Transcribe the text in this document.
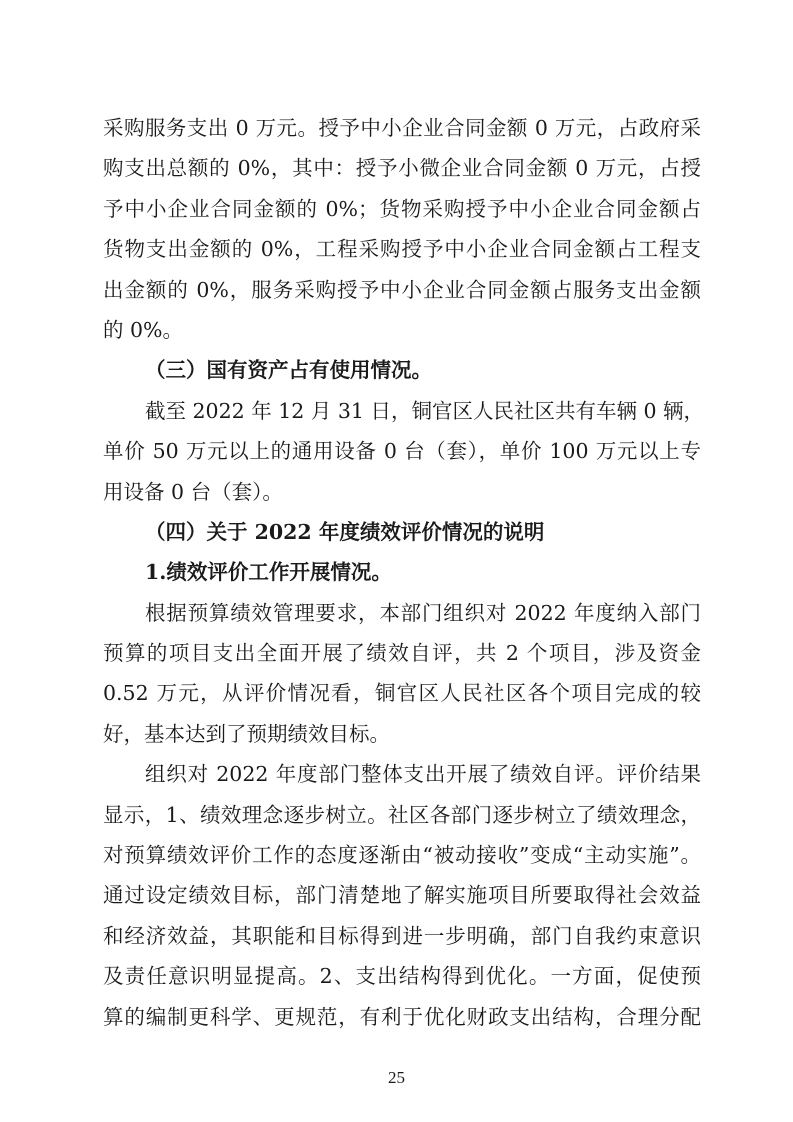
采购服务支出 0 万元。授予中小企业合同金额 0 万元，占政府采
购支出总额的 0%，其中：授予小微企业合同金额 0 万元，占授
予中小企业合同金额的 0%；货物采购授予中小企业合同金额占
货物支出金额的 0%，工程采购授予中小企业合同金额占工程支
出金额的 0%，服务采购授予中小企业合同金额占服务支出金额
的 0%。
（三）国有资产占有使用情况。
截至 2022 年 12 月 31 日，铜官区人民社区共有车辆 0 辆，
单价 50 万元以上的通用设备 0 台（套），单价 100 万元以上专
用设备 0 台（套）。
（四）关于 2022 年度绩效评价情况的说明
1.绩效评价工作开展情况。
根据预算绩效管理要求，本部门组织对 2022 年度纳入部门
预算的项目支出全面开展了绩效自评，共 2 个项目，涉及资金
0.52 万元，从评价情况看，铜官区人民社区各个项目完成的较
好，基本达到了预期绩效目标。
组织对 2022 年度部门整体支出开展了绩效自评。评价结果
显示，1、绩效理念逐步树立。社区各部门逐步树立了绩效理念，
对预算绩效评价工作的态度逐渐由“被动接收”变成“主动实施”。
通过设定绩效目标，部门清楚地了解实施项目所要取得社会效益
和经济效益，其职能和目标得到进一步明确，部门自我约束意识
及责任意识明显提高。2、支出结构得到优化。一方面，促使预
算的编制更科学、更规范，有利于优化财政支出结构，合理分配
25
